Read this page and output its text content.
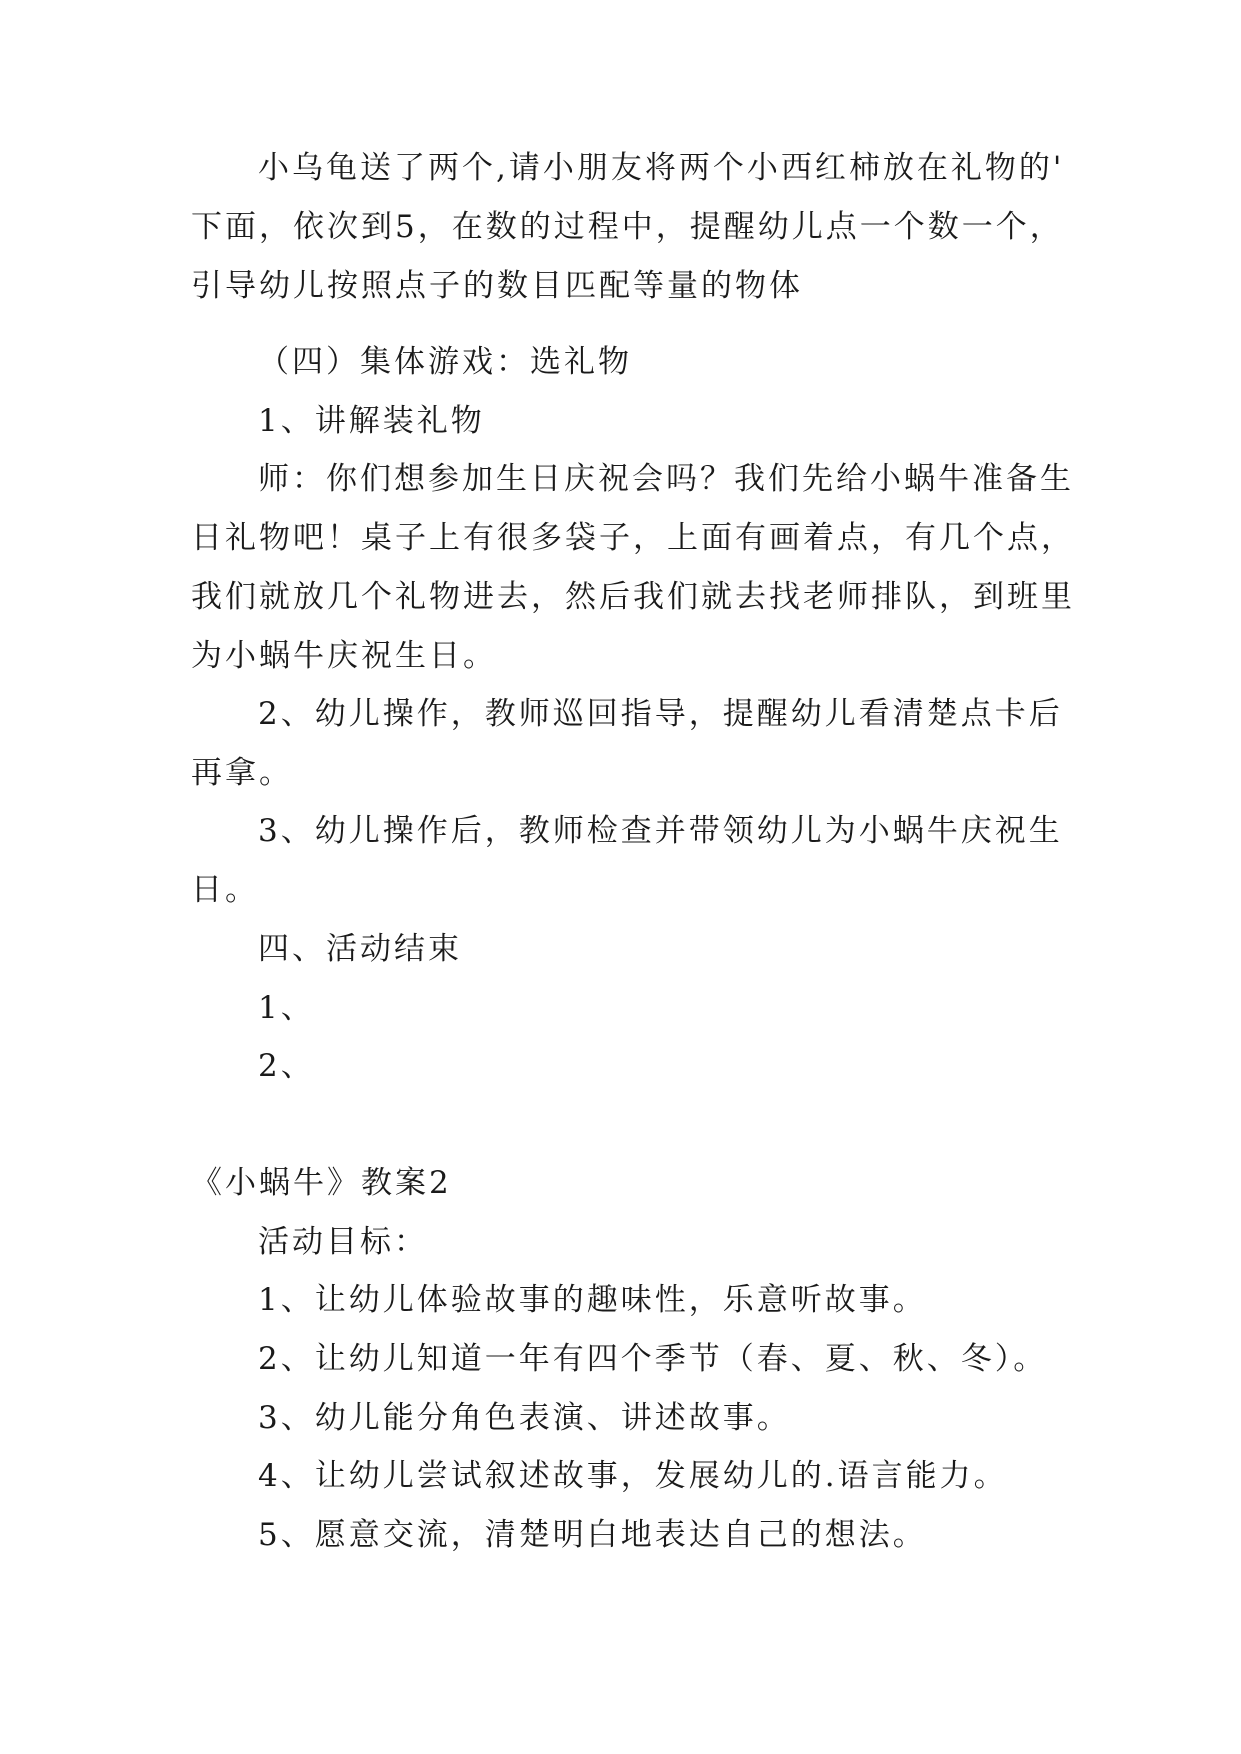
小乌龟送了两个,请小朋友将两个小西红柿放在礼物的'
下面，依次到5，在数的过程中，提醒幼儿点一个数一个，
引导幼儿按照点子的数目匹配等量的物体
（四）集体游戏：选礼物
1、讲解装礼物
师：你们想参加生日庆祝会吗？我们先给小蜗牛准备生
日礼物吧！桌子上有很多袋子，上面有画着点，有几个点，
我们就放几个礼物进去，然后我们就去找老师排队，到班里
为小蜗牛庆祝生日。
2、幼儿操作，教师巡回指导，提醒幼儿看清楚点卡后
再拿。
3、幼儿操作后，教师检查并带领幼儿为小蜗牛庆祝生
日。
四、活动结束
1、
2、
《小蜗牛》教案2
活动目标：
1、让幼儿体验故事的趣味性，乐意听故事。
2、让幼儿知道一年有四个季节（春、夏、秋、冬）。
3、幼儿能分角色表演、讲述故事。
4、让幼儿尝试叙述故事，发展幼儿的.语言能力。
5、愿意交流，清楚明白地表达自己的想法。
